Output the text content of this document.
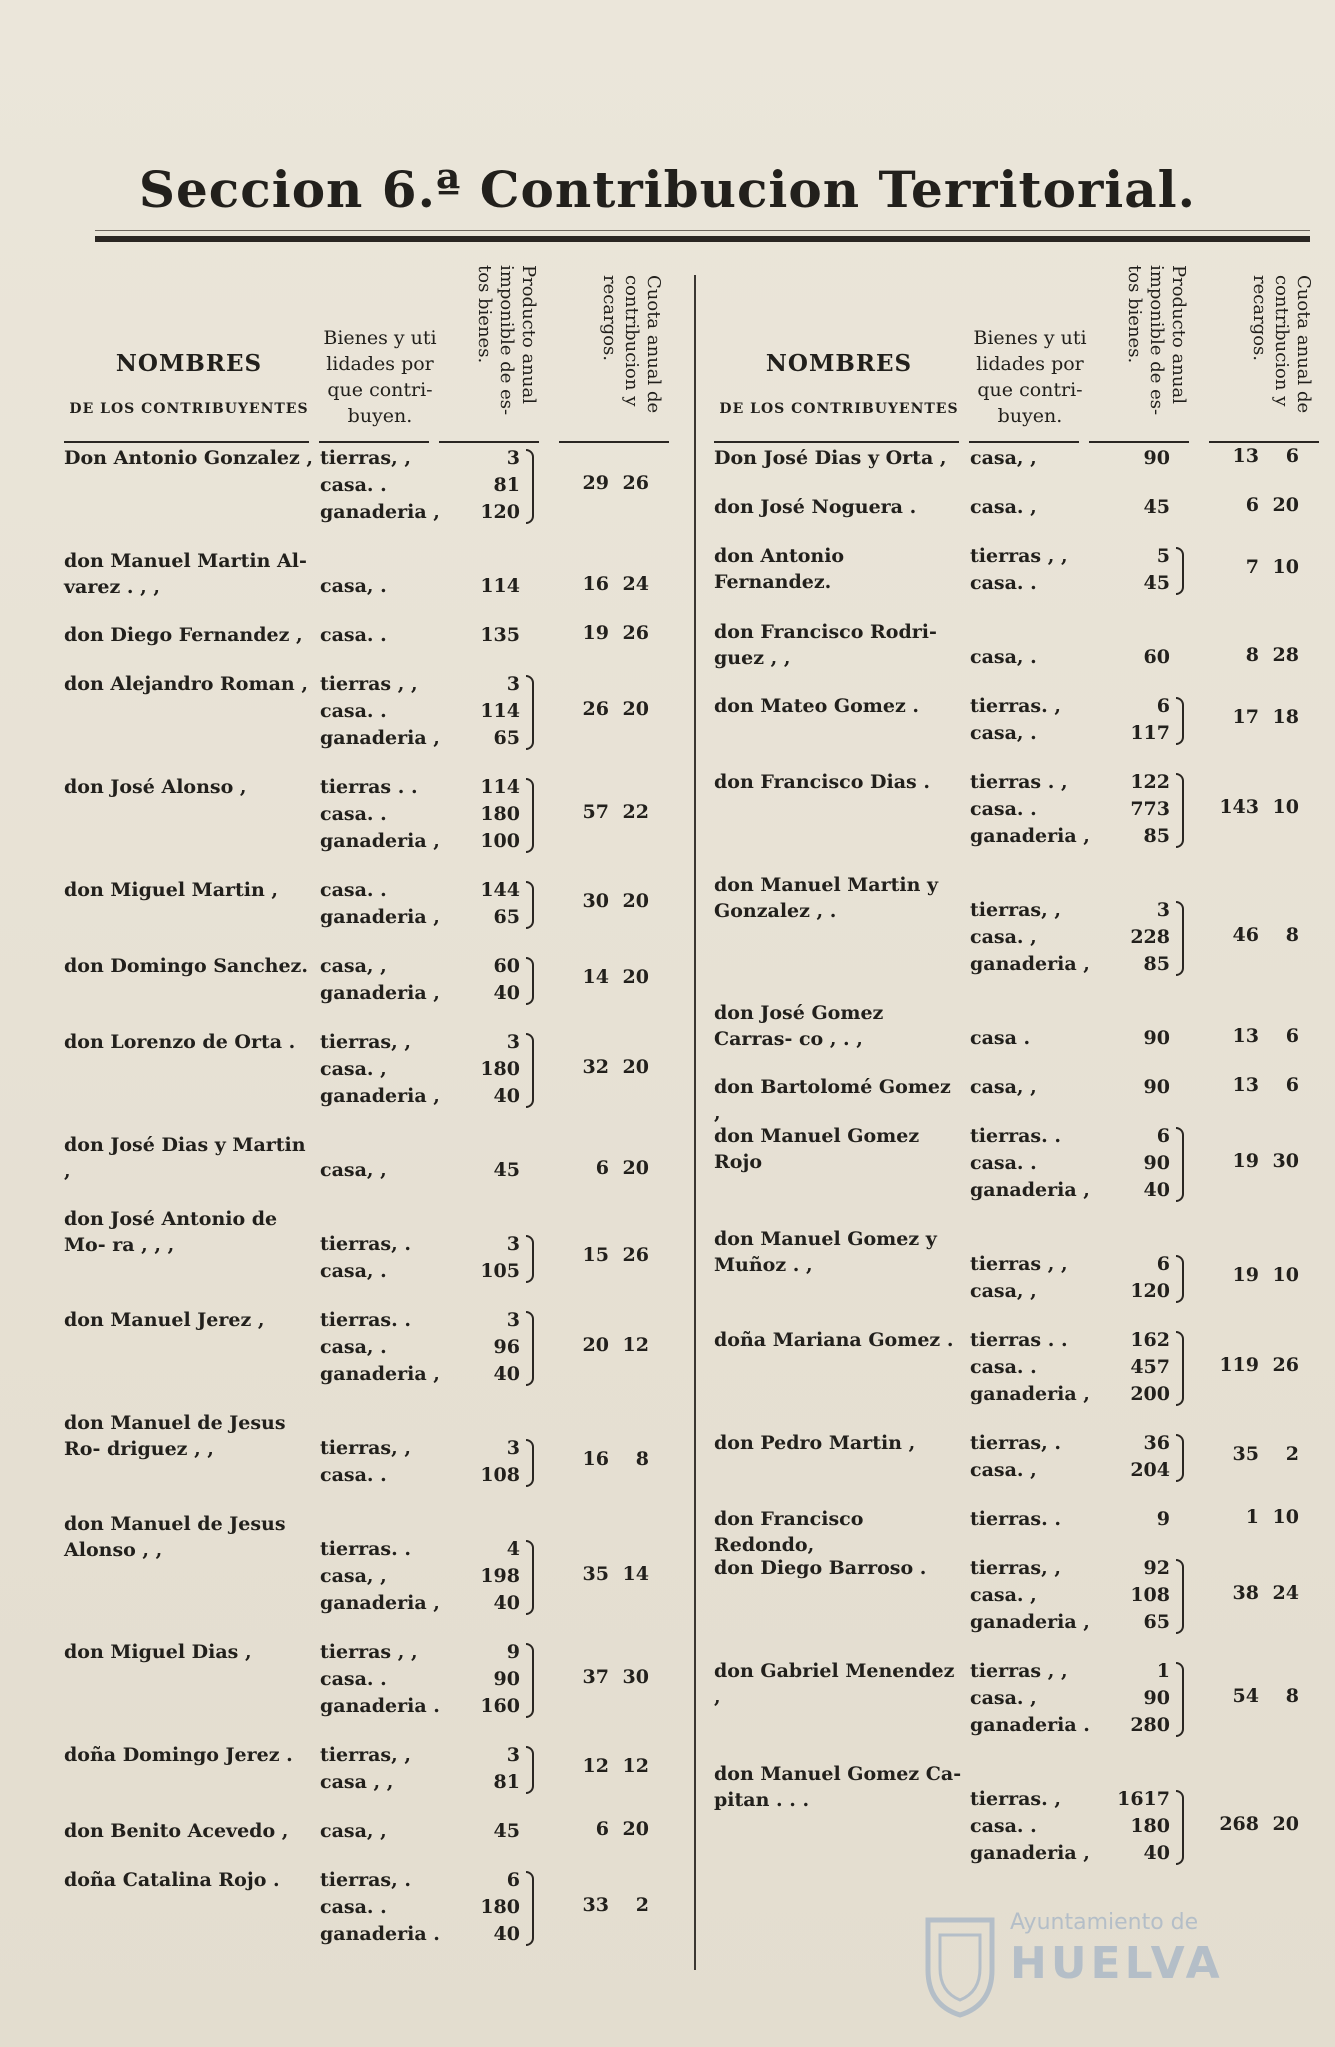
Seccion 6.ª Contribucion Territorial.
NOMBRES
DE LOS CONTRIBUYENTES
Bienes y uti lidades por que contri- buyen.
Producto anual imponible de es- tos bienes.	Cuota anual de contribucion y recargos.
Don Antonio Gonzalez , tierras, ,	3
casa. .	81
ganaderia ,	120
29 26
don Manuel Martin Al- varez . , ,	casa, .	114	16 24
don Diego Fernandez , casa. .	135	19 26
don Alejandro Roman , tierras , ,	3
casa. .	114
ganaderia ,	65
26 20
don José Alonso ,	tierras . .	114
casa. .	180
ganaderia ,	100
57 22
don Miguel Martin ,	casa. .	144
ganaderia ,	65
30 20
don Domingo Sanchez. casa, ,	60
ganaderia ,	40
14 20
don Lorenzo de Orta .	tierras, ,	3
casa. ,	180
ganaderia ,	40
32 20
don José Dias y Martin ,	casa, ,	45	6 20
don José Antonio de Mo- ra , , ,	tierras, .	3
casa, .	105
15 26
don Manuel Jerez ,	tierras. .	3
casa, .	96
ganaderia ,	40
20 12
don Manuel de Jesus Ro- driguez , ,	tierras, ,	3
casa. .	108
16	8
don Manuel de Jesus Alonso , ,	tierras. .	4
casa, ,	198
ganaderia ,	40
35 14
don Miguel Dias ,	tierras , ,	9
casa. .	90
ganaderia .	160
37 30
doña Domingo Jerez .	tierras, ,	3
casa , ,	81
12 12
don Benito Acevedo ,	casa, ,	45	6 20
doña Catalina Rojo .	tierras, .	6
casa. .	180
ganaderia .	40
33	2
NOMBRES
DE LOS CONTRIBUYENTES
Bienes y uti lidades por que contri- buyen.
Producto anual imponible de es- tos bienes.	Cuota anual de contribucion y recargos.
Don José Dias y Orta ,	casa, ,	90	13	6
don José Noguera .	casa. ,	45	6 20
don Antonio Fernandez.
tierras , ,	5
casa. .	45
7 10
don Francisco Rodri- guez , ,	casa, .	60	8 28
don Mateo Gomez .	tierras. ,	6
casa, .	117
17 18
don Francisco Dias .	tierras . ,	122
casa. .	773
ganaderia ,	85
143 10
don Manuel Martin y Gonzalez , .	tierras, ,	3
casa. ,	228
ganaderia ,	85
46	8
don José Gomez Carras- co , . ,	casa .	90	13	6
don Bartolomé Gomez ,
casa, ,	90	13	6
don Manuel Gomez Rojo
tierras. .	6
casa. .	90
ganaderia ,	40
19 30
don Manuel Gomez y Muñoz . ,	tierras , ,	6
casa, ,	120
19 10
doña Mariana Gomez . tierras . .	162
casa. .	457
ganaderia ,	200
119 26
don Pedro Martin ,	tierras, .	36
casa. ,	204
35	2
don Francisco Redondo,
tierras. .	9	1 10
don Diego Barroso .	tierras, ,	92
casa. ,	108
ganaderia ,	65
38 24
don Gabriel Menendez ,
tierras , ,	1
casa. ,	90
ganaderia .	280
54	8
don Manuel Gomez Ca- pitan . . .	tierras. ,	1617
casa. .	180
ganaderia ,	40
268 20
Ayuntamiento de
HUELVA
